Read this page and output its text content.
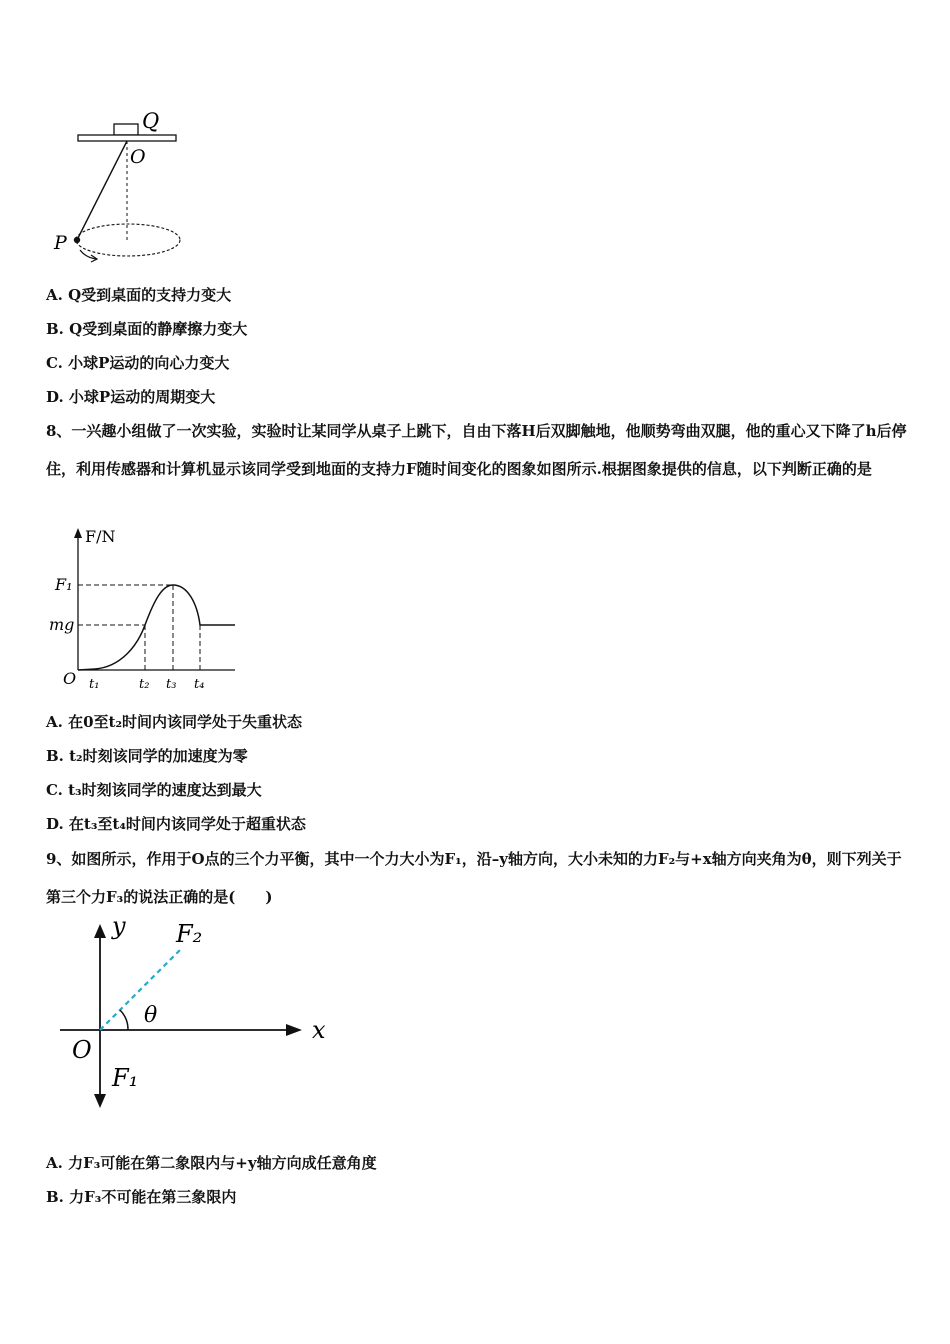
Q
O
P
A. Q受到桌面的支持力变大
B. Q受到桌面的静摩擦力变大
C. 小球P运动的向心力变大
D. 小球P运动的周期变大
8、一兴趣小组做了一次实验，实验时让某同学从桌子上跳下，自由下落H后双脚触地，他顺势弯曲双腿，他的重心又下降了h后停住，利用传感器和计算机显示该同学受到地面的支持力F随时间变化的图象如图所示.根据图象提供的信息，以下判断正确的是
F/N
F₁
mg
O t₁	t₂ t₃ t₄
A. 在0至t₂时间内该同学处于失重状态
B. t₂时刻该同学的加速度为零
C. t₃时刻该同学的速度达到最大
D. 在t₃至t₄时间内该同学处于超重状态
9、如图所示，作用于O点的三个力平衡，其中一个力大小为F₁，沿–y轴方向，大小未知的力F₂与+x轴方向夹角为θ，则下列关于第三个力F₃的说法正确的是(　　)
y F₂
θ
x
O
F₁
A. 力F₃可能在第二象限内与+y轴方向成任意角度
B. 力F₃不可能在第三象限内
